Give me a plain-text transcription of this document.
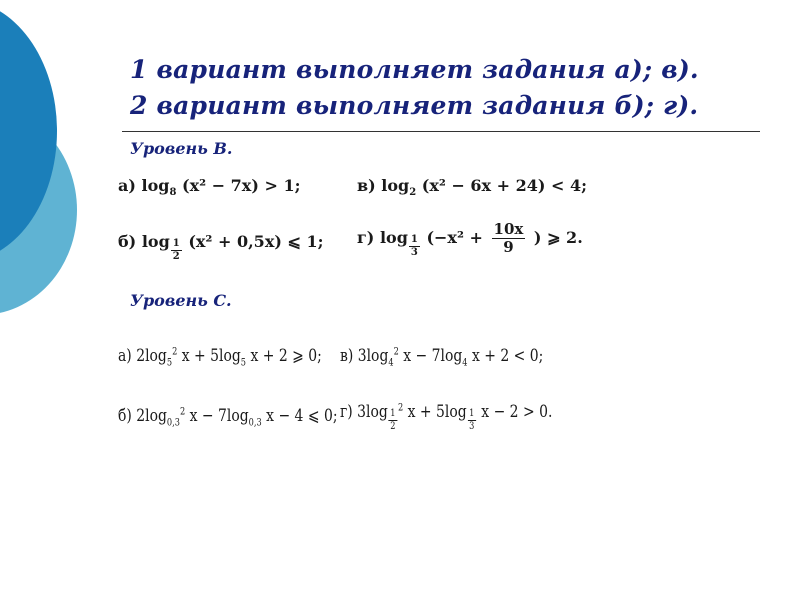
1 вариант выполняет задания а); в).
2 вариант выполняет задания б); г).
Уровень В.
а) $\log_8 (x^2 - 7x) > 1$;	в) $\log_2 (x^2 - 6x + 24) < 4$;
б) $\log \frac{1}{2} (x^2 + 0,5x)$ ⩽ 1; г) $\log \frac{1}{3} (-x^2 + \frac{10x}{9}$ ) ⩾ 2.
Уровень С.
а) $2\log_5^2$ $x + 5\log_5$ x + 2 ⩾ 0; в) $3\log_4^2$ $x - 7\log_4$ x + 2 < 0;
б) $2\log_{0,3}^2$ $x - 7\log_{0,3}$ x − 4 ⩽ 0; г) $3\log \frac{1}{2}$
$^2$ $x + 5\log \frac{1}{3}$ x − 2 > 0.
